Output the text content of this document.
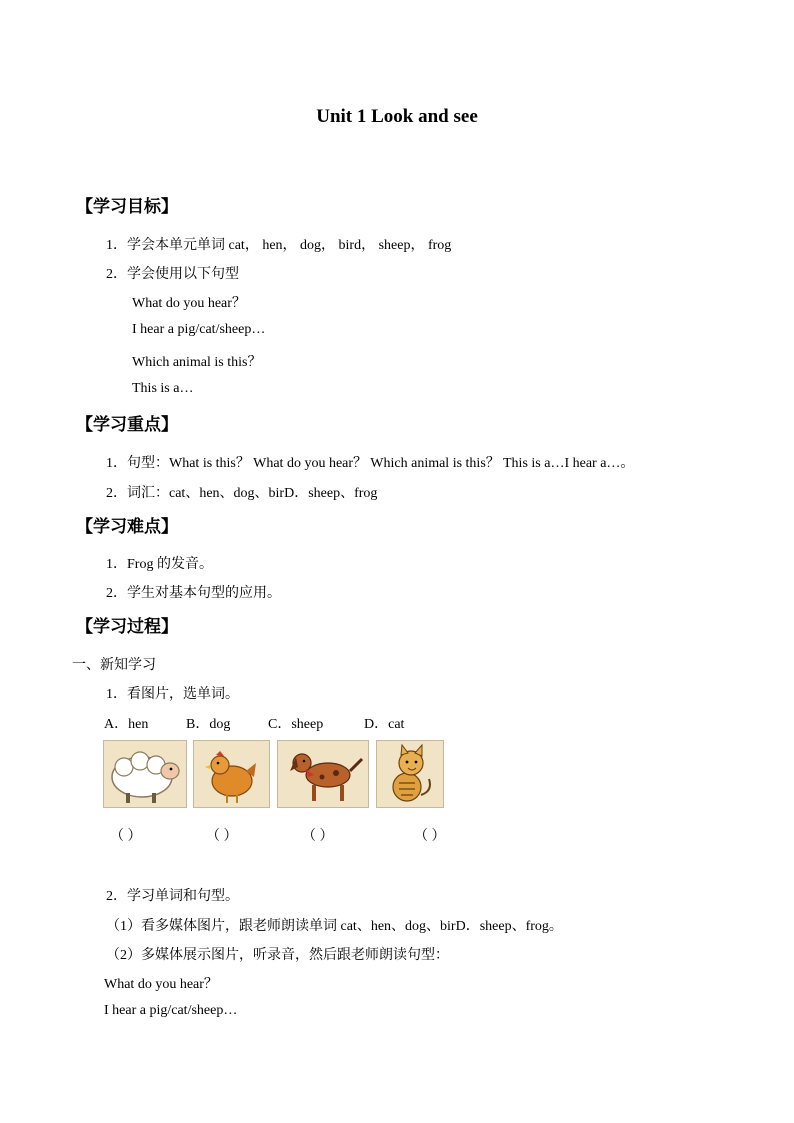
Unit 1 Look and see
【学习目标】
1．学会本单元单词 cat， hen， dog， bird， sheep， frog
2．学会使用以下句型
What do you hear？
I hear a pig/cat/sheep…
Which animal is this？
This is a…
【学习重点】
1．句型：What is this？ What do you hear？ Which animal is this？ This is a…I hear a…。
2．词汇：cat、hen、dog、birD．sheep、frog
【学习难点】
1．Frog 的发音。
2．学生对基本句型的应用。
【学习过程】
一、新知学习
1．看图片，选单词。
A．hen	B．dog	C．sheep	D．cat
（ ）	（ ）	（ ）	（ ）
2．学习单词和句型。
（1）看多媒体图片，跟老师朗读单词 cat、hen、dog、birD．sheep、frog。
（2）多媒体展示图片，听录音，然后跟老师朗读句型：
What do you hear？
I hear a pig/cat/sheep…
